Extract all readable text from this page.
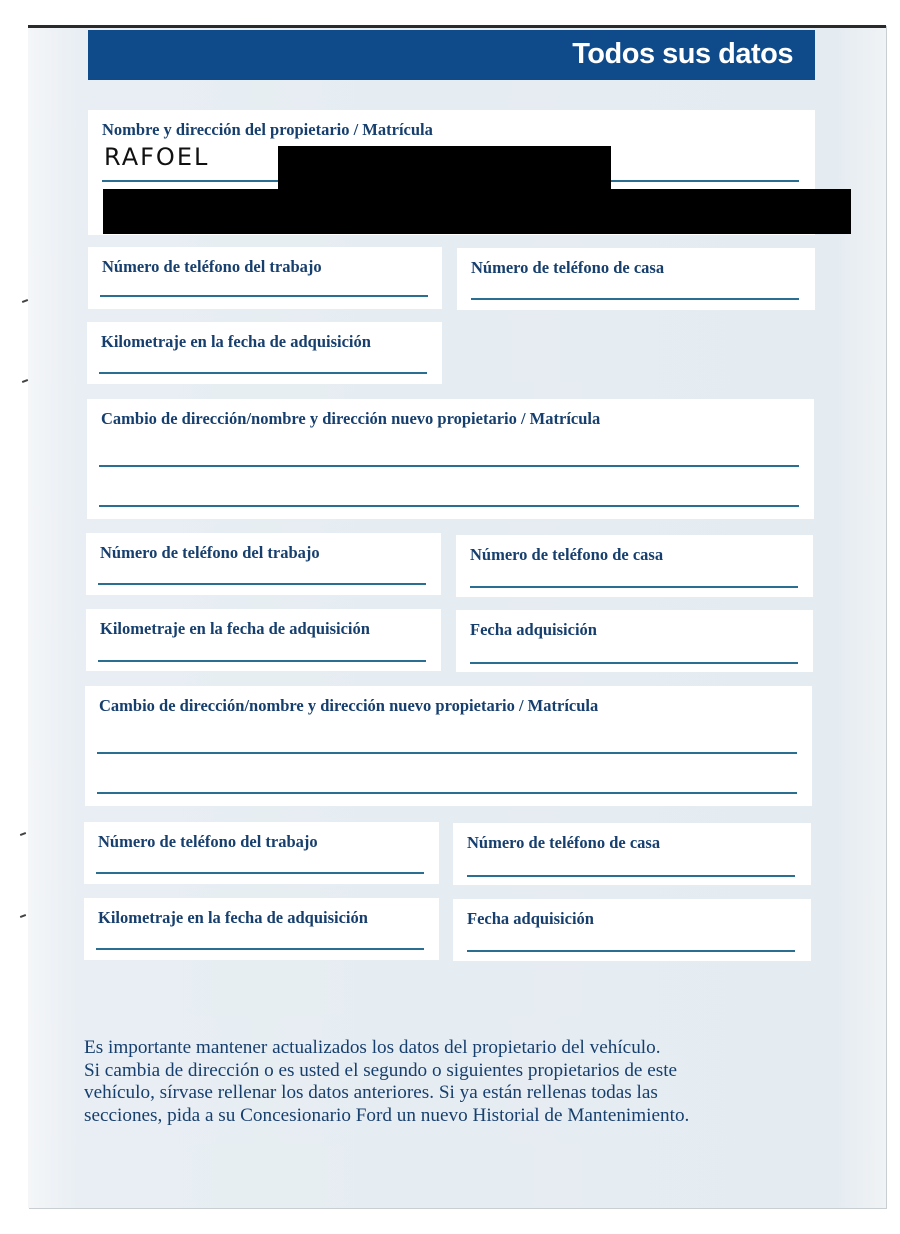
Todos sus datos
Nombre y dirección del propietario / Matrícula
RAFOEL
Número de teléfono del trabajo	Número de teléfono de casa
Kilometraje en la fecha de adquisición
Cambio de dirección/nombre y dirección nuevo propietario / Matrícula
Número de teléfono del trabajo	Número de teléfono de casa
Kilometraje en la fecha de adquisición	Fecha adquisición
Cambio de dirección/nombre y dirección nuevo propietario / Matrícula
Número de teléfono del trabajo	Número de teléfono de casa
Kilometraje en la fecha de adquisición	Fecha adquisición
Es importante mantener actualizados los datos del propietario del vehículo.
Si cambia de dirección o es usted el segundo o siguientes propietarios de este
vehículo, sírvase rellenar los datos anteriores. Si ya están rellenas todas las
secciones, pida a su Concesionario Ford un nuevo Historial de Mantenimiento.
